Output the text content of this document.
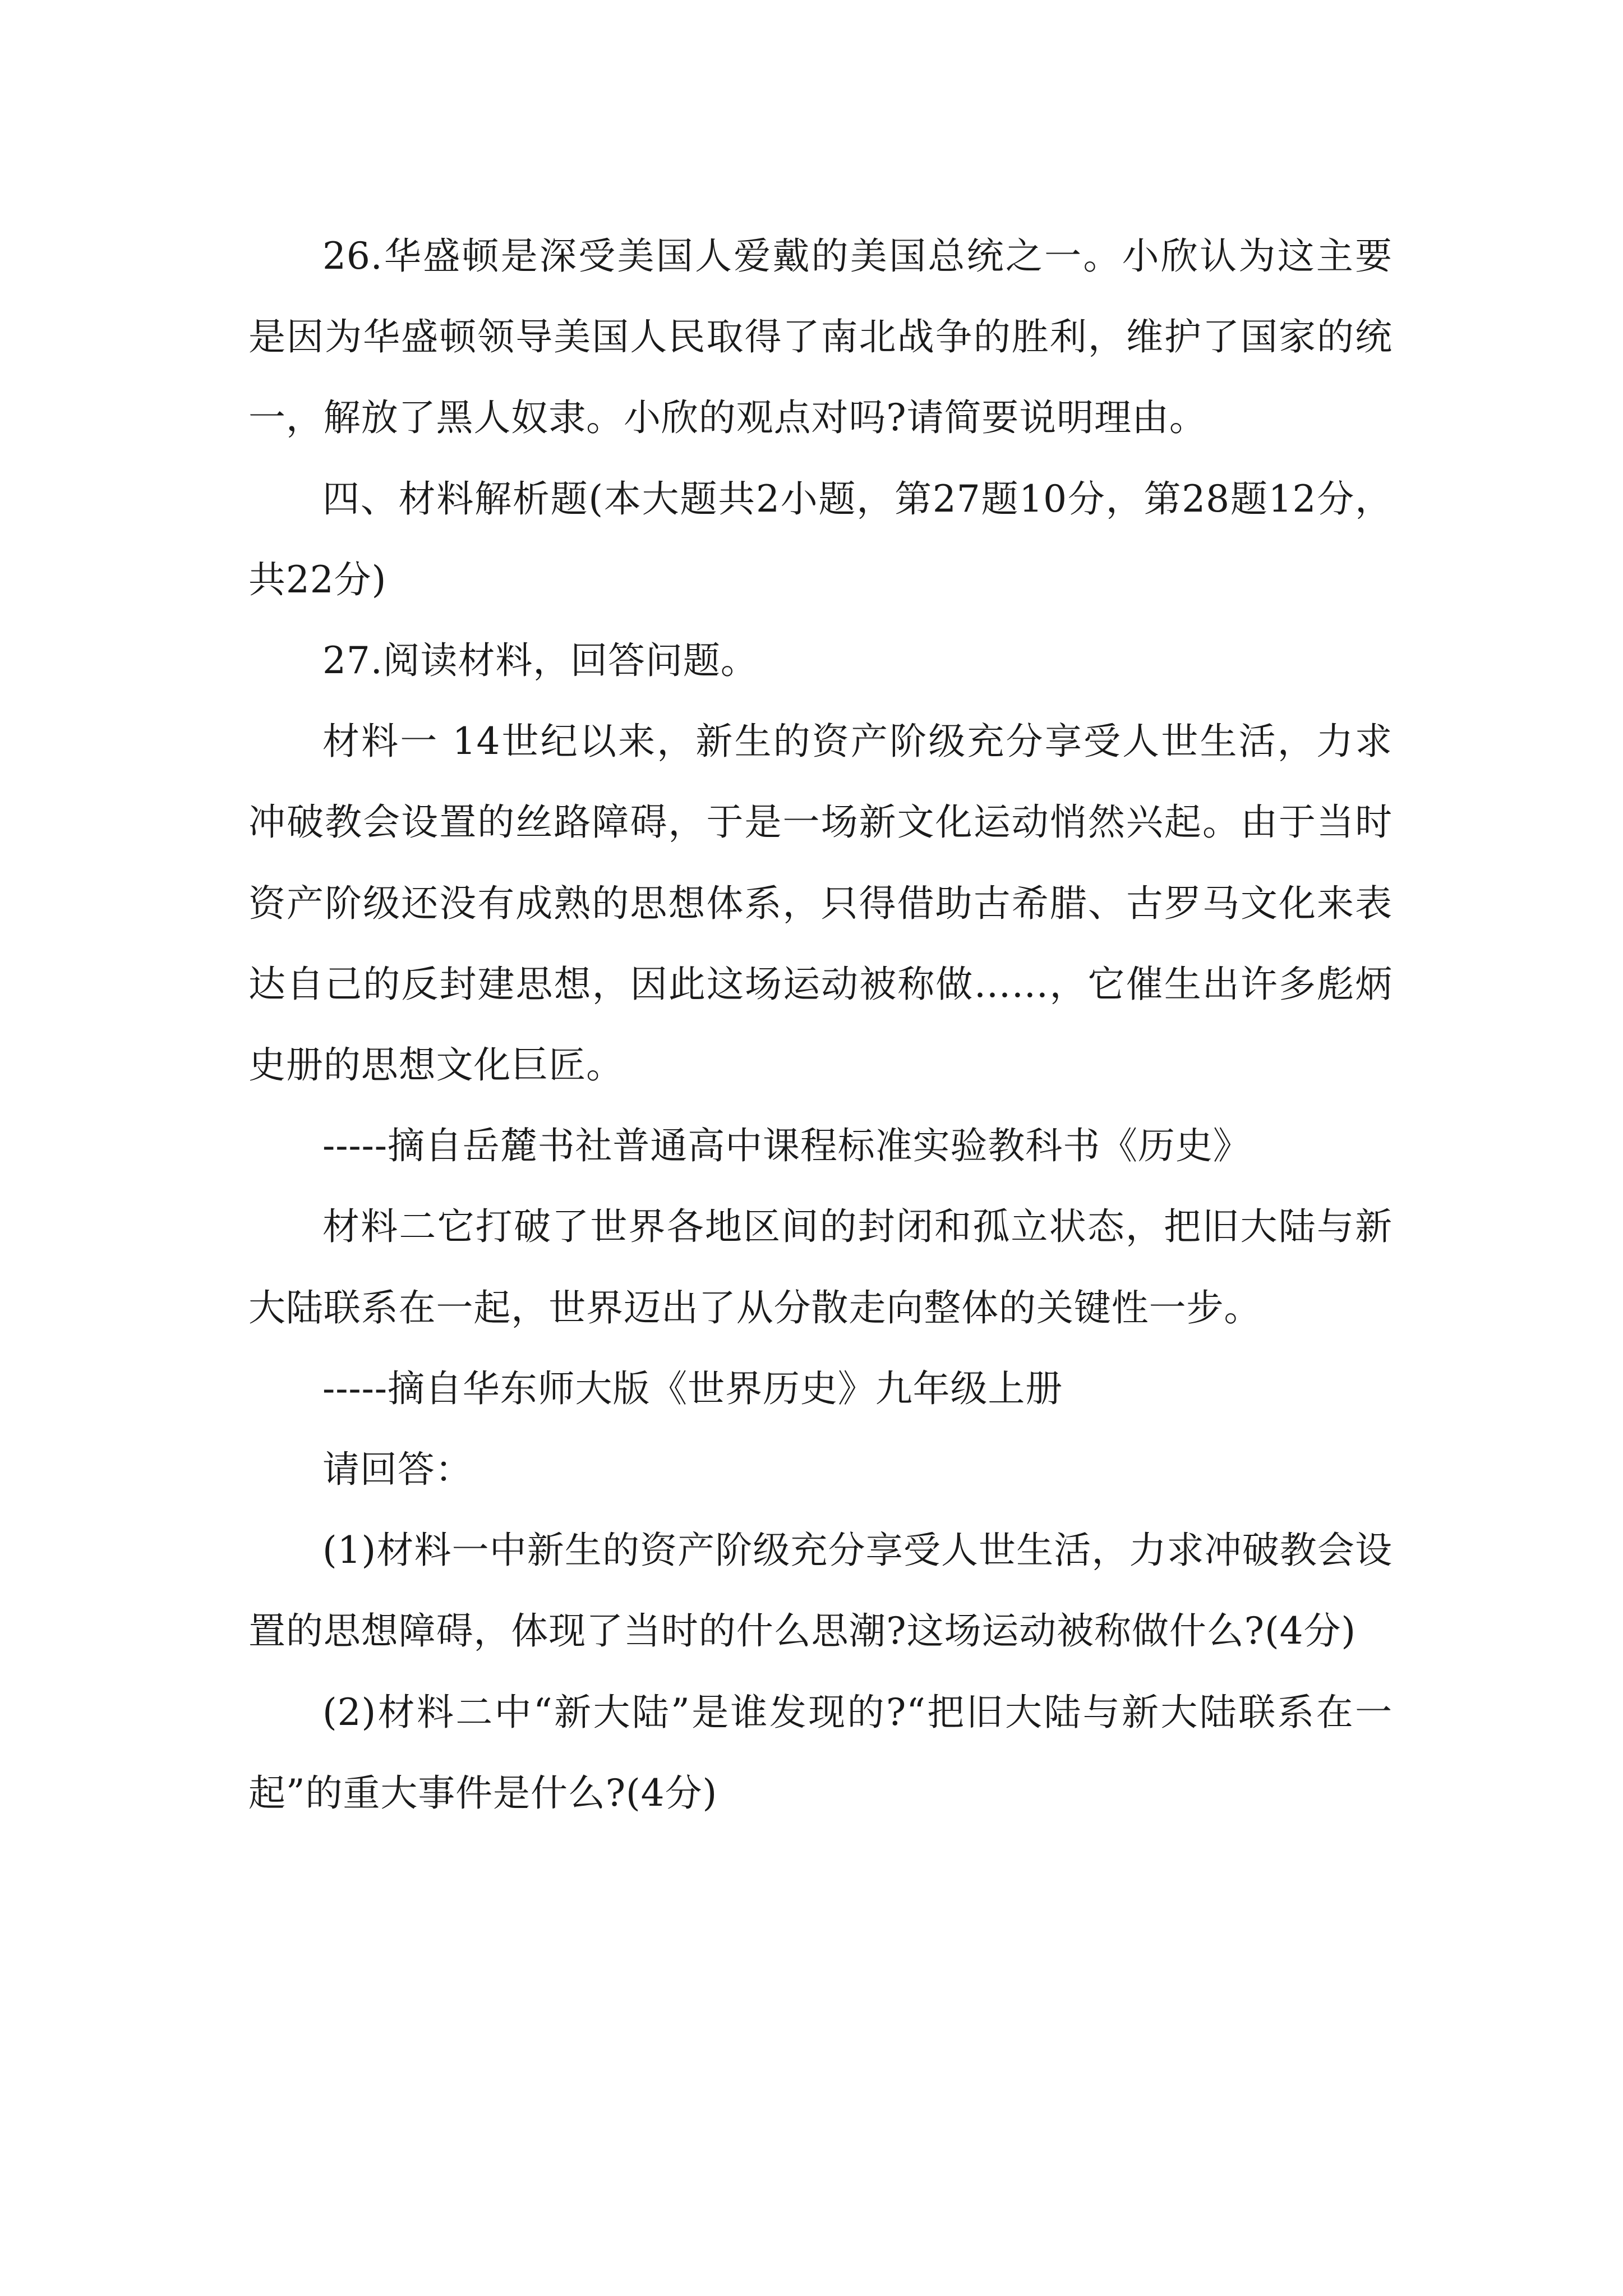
26.华盛顿是深受美国人爱戴的美国总统之一。小欣认为这主要是因为华盛顿领导美国人民取得了南北战争的胜利，维护了国家的统一，解放了黑人奴隶。小欣的观点对吗?请简要说明理由。

四、材料解析题(本大题共2小题，第27题10分，第28题12分，共22分)

27.阅读材料，回答问题。

材料一 14世纪以来，新生的资产阶级充分享受人世生活，力求冲破教会设置的丝路障碍，于是一场新文化运动悄然兴起。由于当时资产阶级还没有成熟的思想体系，只得借助古希腊、古罗马文化来表达自己的反封建思想，因此这场运动被称做……，它催生出许多彪炳史册的思想文化巨匠。

-----摘自岳麓书社普通高中课程标准实验教科书《历史》

材料二它打破了世界各地区间的封闭和孤立状态，把旧大陆与新大陆联系在一起，世界迈出了从分散走向整体的关键性一步。

-----摘自华东师大版《世界历史》九年级上册

请回答：

(1)材料一中新生的资产阶级充分享受人世生活，力求冲破教会设置的思想障碍，体现了当时的什么思潮?这场运动被称做什么?(4分)

(2)材料二中“新大陆”是谁发现的?“把旧大陆与新大陆联系在一起”的重大事件是什么?(4分)
